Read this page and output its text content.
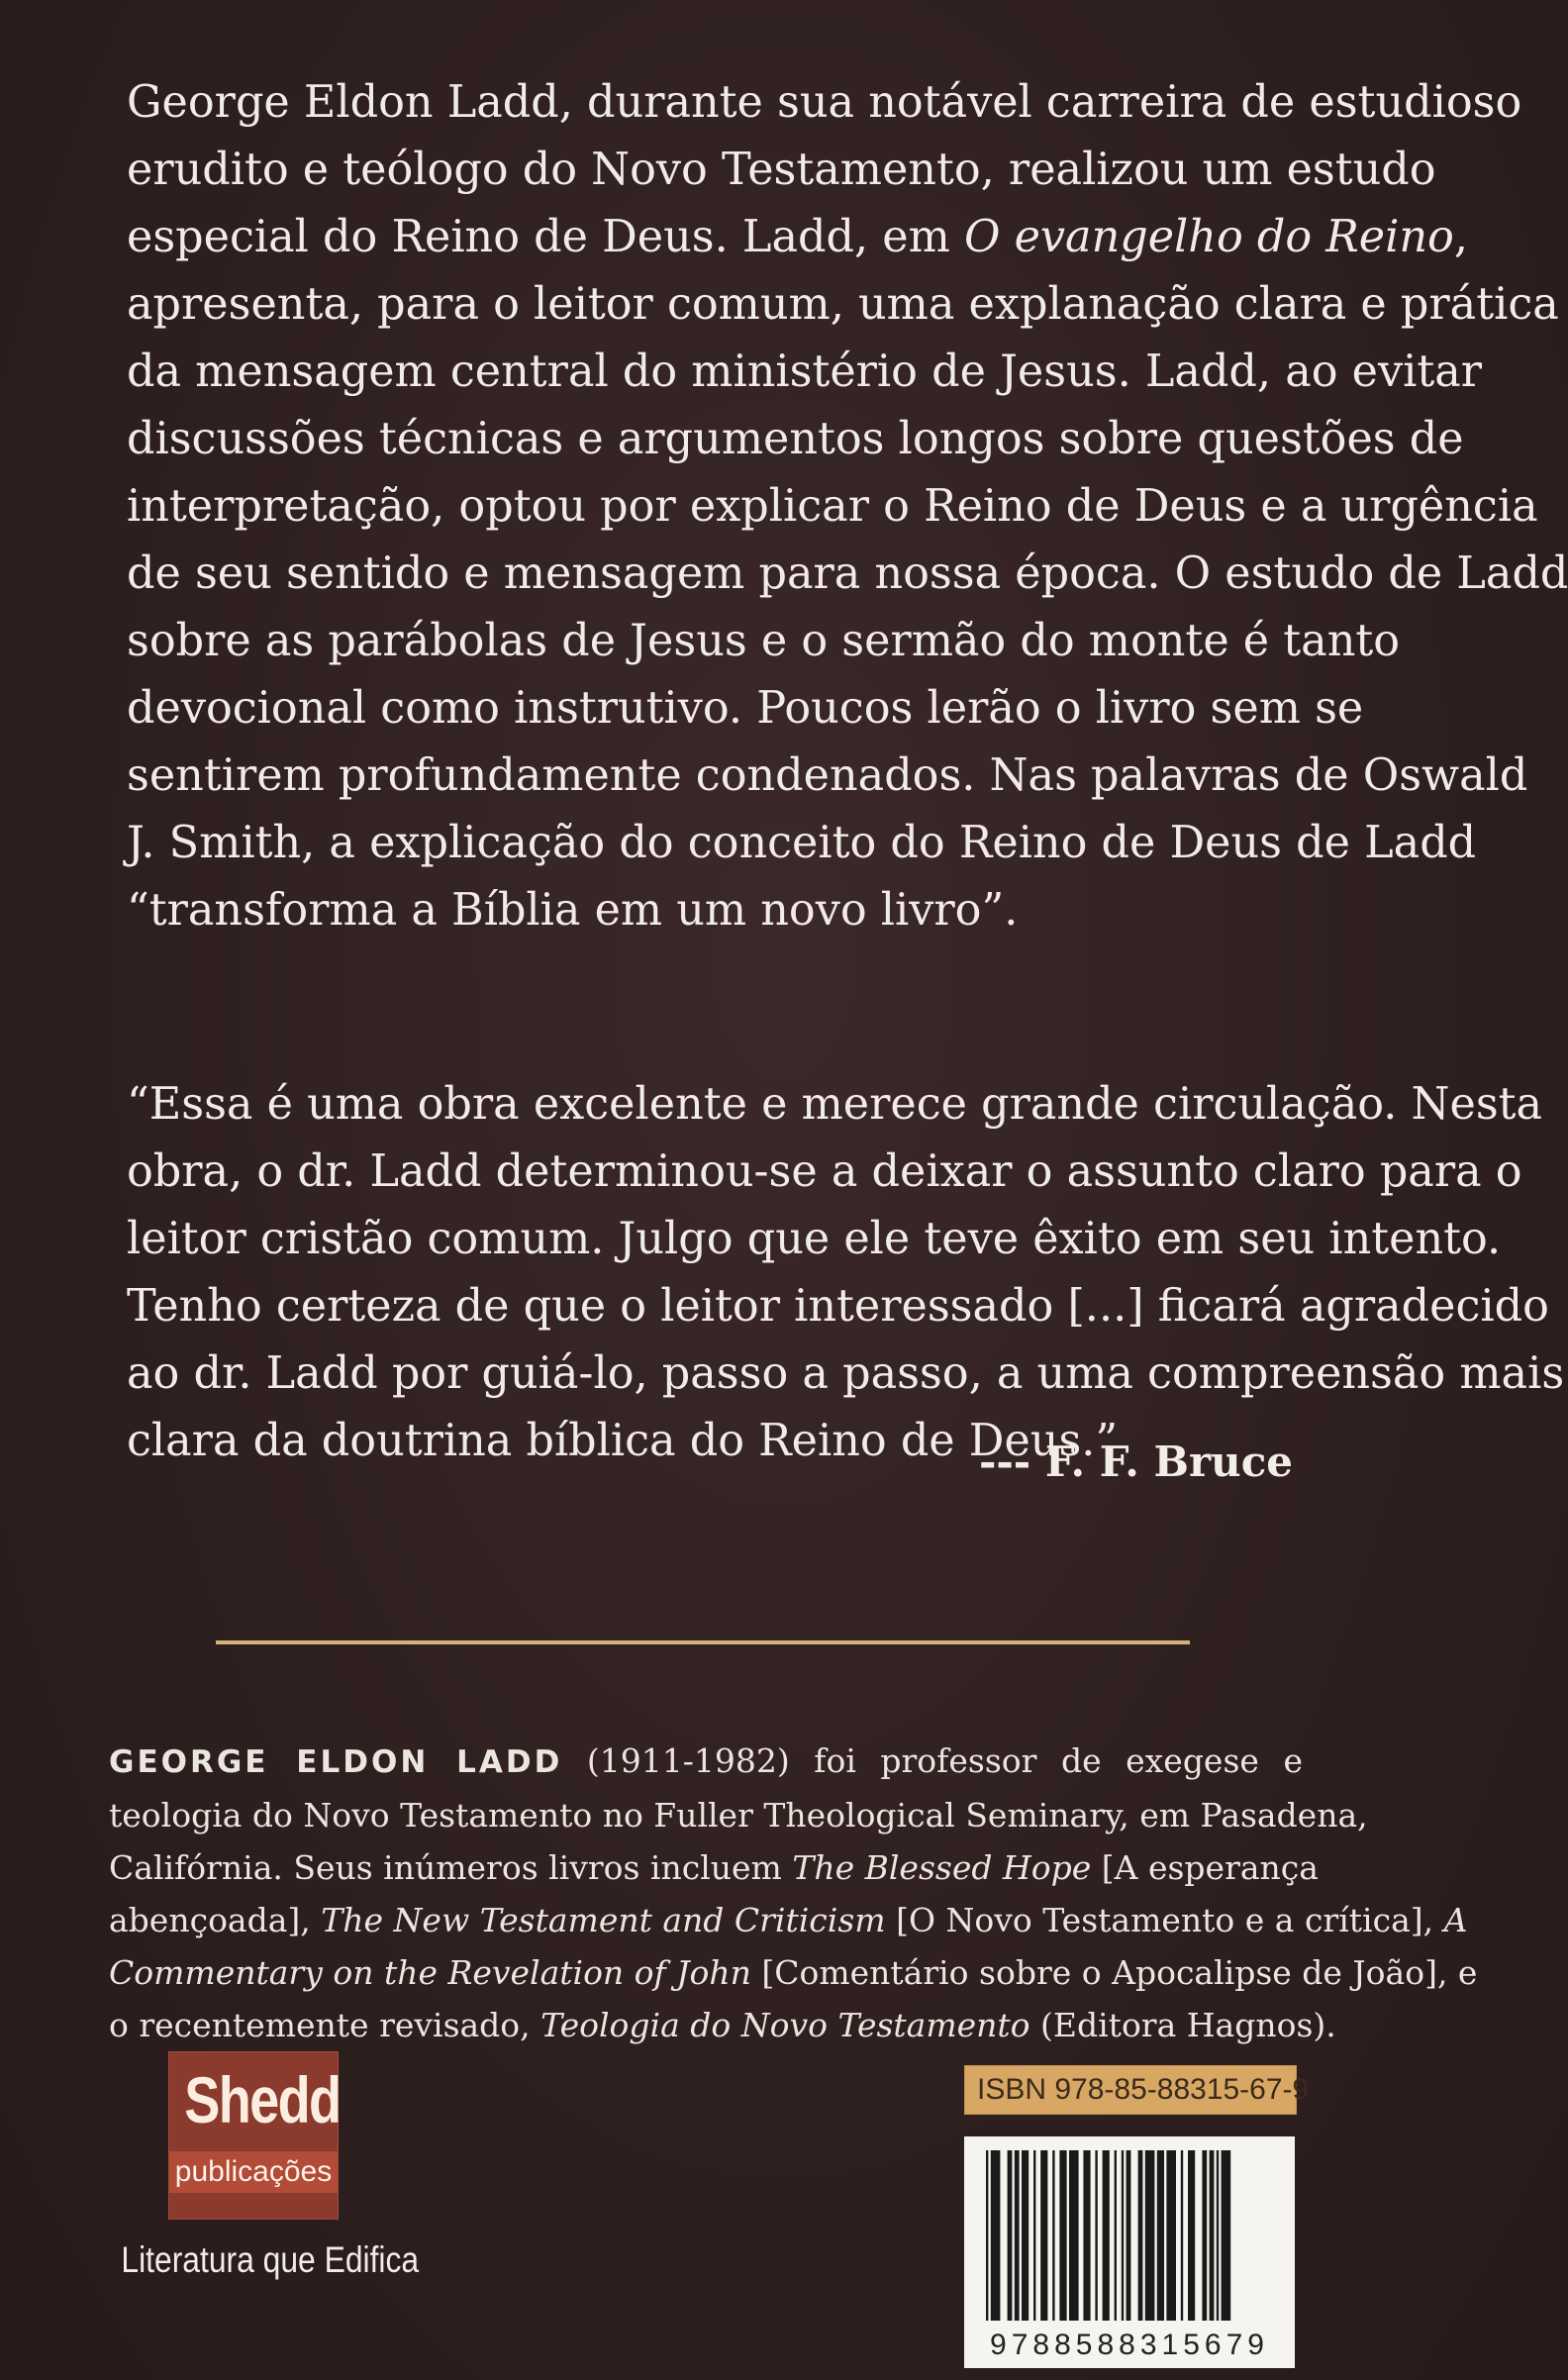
George Eldon Ladd, durante sua notável carreira de estudioso
erudito e teólogo do Novo Testamento, realizou um estudo
especial do Reino de Deus. Ladd, em O evangelho do Reino,
apresenta, para o leitor comum, uma explanação clara e prática
da mensagem central do ministério de Jesus. Ladd, ao evitar
discussões técnicas e argumentos longos sobre questões de
interpretação, optou por explicar o Reino de Deus e a urgência
de seu sentido e mensagem para nossa época. O estudo de Ladd
sobre as parábolas de Jesus e o sermão do monte é tanto
devocional como instrutivo. Poucos lerão o livro sem se
sentirem profundamente condenados. Nas palavras de Oswald
J. Smith, a explicação do conceito do Reino de Deus de Ladd
“transforma a Bíblia em um novo livro”.
“Essa é uma obra excelente e merece grande circulação. Nesta
obra, o dr. Ladd determinou-se a deixar o assunto claro para o
leitor cristão comum. Julgo que ele teve êxito em seu intento.
Tenho certeza de que o leitor interessado [...] ficará agradecido
ao dr. Ladd por guiá-lo, passo a passo, a uma compreensão mais
clara da doutrina bíblica do Reino de Deus.”
--- F. F. Bruce
GEORGE ELDON LADD (1911-1982) foi professor de exegese e
teologia do Novo Testamento no Fuller Theological Seminary, em Pasadena,
Califórnia. Seus inúmeros livros incluem The Blessed Hope [A esperança
abençoada], The New Testament and Criticism [O Novo Testamento e a crítica], A
Commentary on the Revelation of John [Comentário sobre o Apocalipse de João], e
o recentemente revisado, Teologia do Novo Testamento (Editora Hagnos).
Shedd
publicações
Literatura que Edifica
ISBN 978-85-88315-67-9
9788588315679
